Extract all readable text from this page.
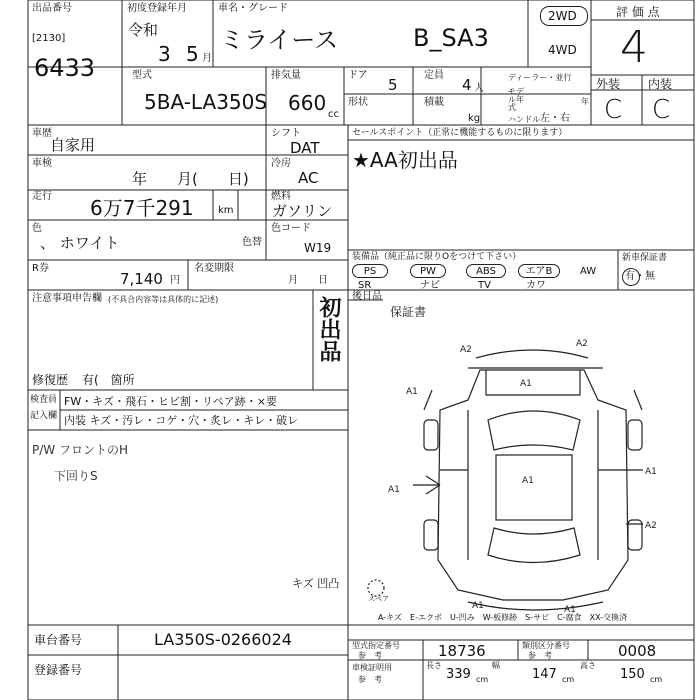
出品番号
[2130]
6433
初度登録年月
令和
3 5 月
車名・グレード
ミライース	B_SA3
2WD
4WD
評 価 点
4
型式
5BA-LA350S
排気量
660 cc
ドア
5
定員
4 人
形状	積載
kg
ディーラー・並行
モデル年式
年
ハンドル 左・右
外装 内装
C C
車歴
自家用
車検
年　　月(　　日)
走行 6万7千291 km
色
、 ホワイト	色替
R券
7,140 円
名変期限
月　　日
シフト
DAT
冷房
AC
燃料
ガソリン
色コード
W19
セールスポイント（正常に機能するものに限ります）
★AA初出品
装備品（純正品に限りOをつけて下さい）
PS	PW	ABS	エアB	AW
SR	ナビ	TV	カワ
新車保証書
有・無
後日品
保証書
注意事項申告欄 (不具合内容等は具体的に記述)	初出品
修復歴 有(　箇所
検査員
記入欄
FW・キズ・飛石・ヒビ割・リペア跡・×要
内装 キズ・汚レ・コゲ・穴・炙レ・キレ・破レ
P/W フロントのH
下回りS
A2
A2
A1
A1
A1
A1
A2
A1
A1	A1
キズ 凹凸
スペア
A-キズ　E-エクボ　U-凹み　W-板修跡　S-サビ　C-腐食　XX-交換済
車台番号	LA350S-0266024
登録番号
型式指定番号
参　考	18736	類別区分番号
参　考	0008
車検証明用
参　考
長さ
339 cm
幅
147 cm
高さ
150 cm
